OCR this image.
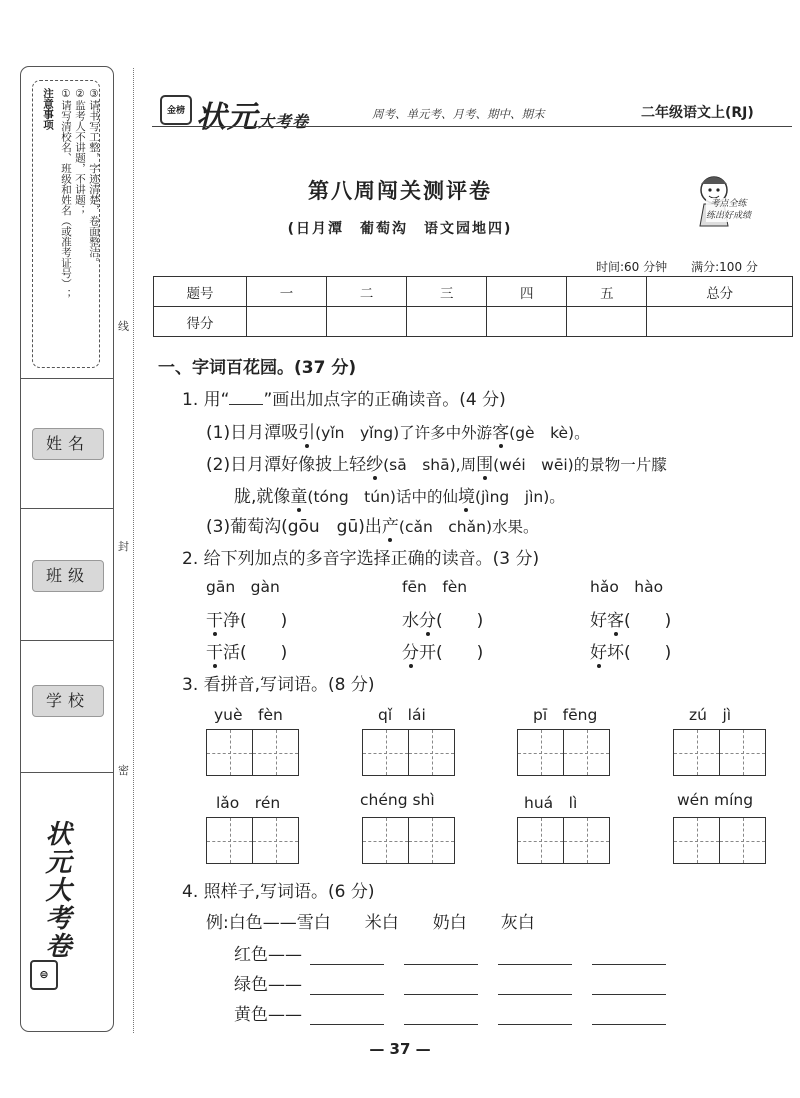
注意事项 ①请写清校名、班级和姓名（或准考证号）； ②监考人不讲题，不讲题； ③请书写工整，字迹清楚，卷面整洁。
姓名
班级
学校
状元大考卷
⊜
线
封
密
金榜 状元大考卷	周考、单元考、月考、期中、期末	二年级语文上(RJ)
第八周闯关测评卷
(日月潭　葡萄沟　语文园地四)
考点全练
练出好成绩
时间:60 分钟　　满分:100 分
题号	一	二	三	四	五	总分
得分						
一、字词百花园。(37 分)
1. 用“ ”画出加点字的正确读音。(4 分)
(1)日月潭吸引(yǐn　yǐng)了许多中外游客(gè　kè)。
(2)日月潭好像披上轻纱(sā　shā),周围(wéi　wēi)的景物一片朦
胧,就像童(tóng　tún)话中的仙境(jìng　jìn)。
(3)葡萄沟(gōu　gū)出产(cǎn　chǎn)水果。
2. 给下列加点的多音字选择正确的读音。(3 分)
gān　gàn	fēn　fèn	hǎo　hào
干净(　　)	水分(　　)	好客(　　)
干活(　　)	分开(　　)	好坏(　　)
3. 看拼音,写词语。(8 分)
yuè　fèn	qǐ　lái	pī　fēng	zú　jì
lǎo　rén	chéng shì	huá　lì	wén míng
4. 照样子,写词语。(6 分)
例:白色——雪白　　米白　　奶白　　灰白
红色——
绿色——
黄色——
— 37 —
